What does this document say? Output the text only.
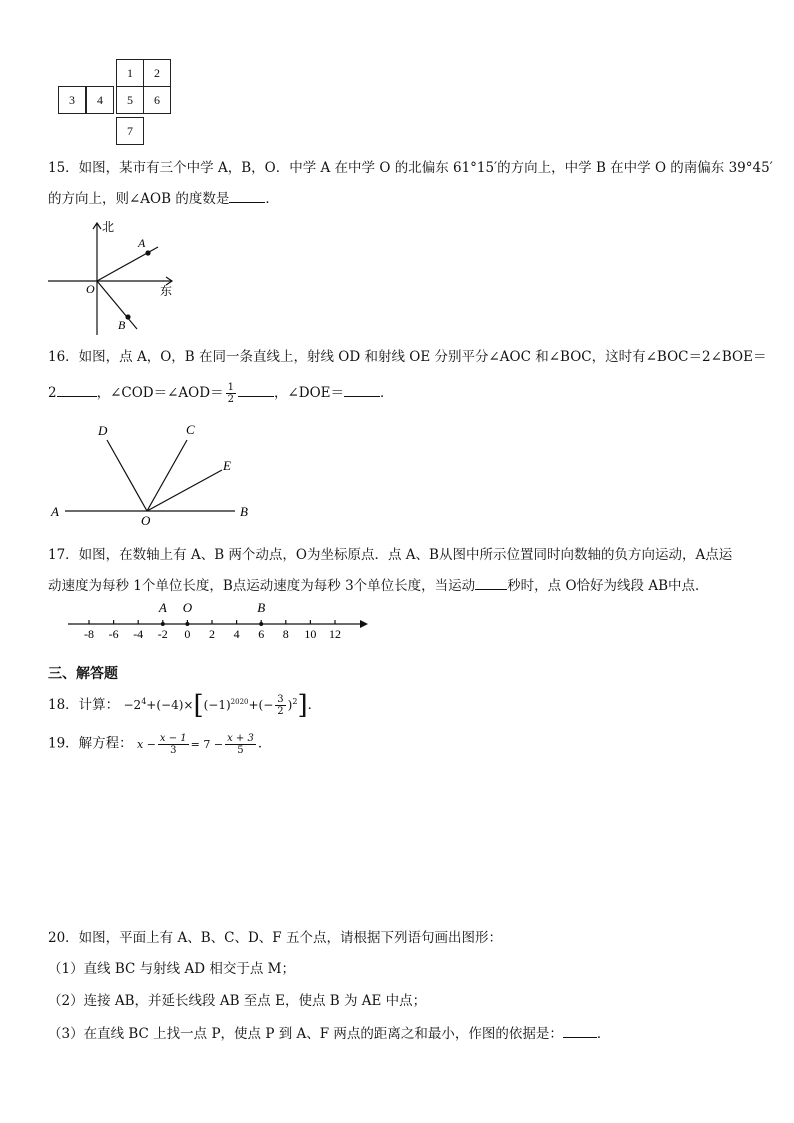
1	2
3	4	5	6
7
15．如图，某市有三个中学 A，B，O．中学 A 在中学 O 的北偏东 61°15′的方向上，中学 B 在中学 O 的南偏东 39°45′
的方向上，则∠AOB 的度数是	．
北
东
A
O
B
16．如图，点 A，O，B 在同一条直线上，射线 OD 和射线 OE 分别平分∠AOC 和∠BOC，这时有∠BOC＝2∠BOE＝
2	，∠COD＝∠AOD＝ $\frac{1}{2}$	，∠DOE＝	．
D	C
E
A
O
B
17．如图，在数轴上有 A、B 两个动点，O为坐标原点．点 A、B从图中所示位置同时向数轴的负方向运动，A点运
动速度为每秒 1个单位长度，B点运动速度为每秒 3个单位长度，当运动 秒时，点 O恰好为线段 AB中点．
-8 -6 -4 -2 0 2 4 6 8 10 12
A O	B
三、解答题
18．计算： $-2^4+(-4)\times[(-1)^{2020}+(- \frac{3}{2} )^2]$．
19．解方程： $x - \frac{x - 1}{3} = 7 - \frac{x + 3}{5}$ ．
20．如图，平面上有 A、B、C、D、F 五个点，请根据下列语句画出图形：
（1）直线 BC 与射线 AD 相交于点 M；
（2）连接 AB，并延长线段 AB 至点 E，使点 B 为 AE 中点；
（3）在直线 BC 上找一点 P，使点 P 到 A、F 两点的距离之和最小，作图的依据是：	．
